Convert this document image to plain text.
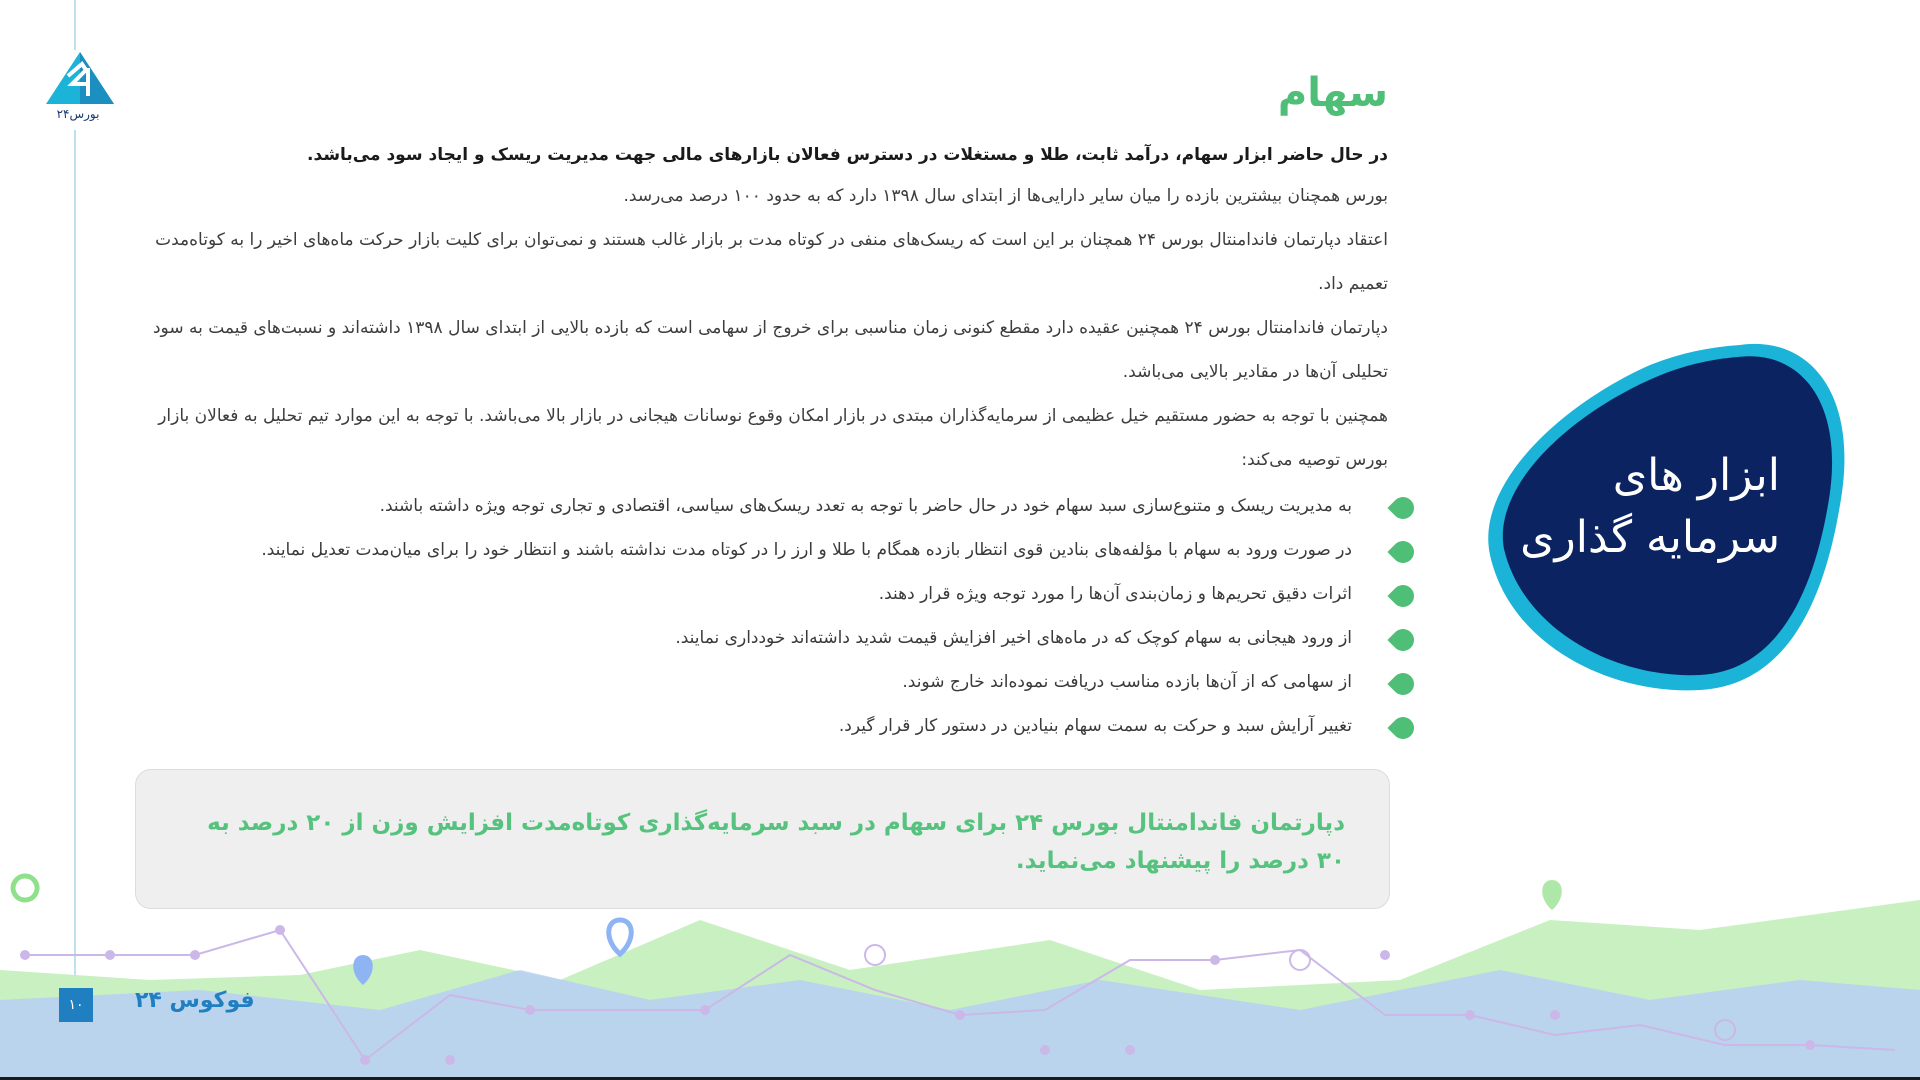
بورس۲۴	سهام
در حال حاضر ابزار سهام، درآمد ثابت، طلا و مستغلات در دسترس فعالان بازارهای مالی جهت مدیریت ریسک و ایجاد سود می‌باشد.
بورس همچنان بیشترین بازده را میان سایر دارایی‌ها از ابتدای سال ۱۳۹۸ دارد که به حدود ۱۰۰ درصد می‌رسد.
اعتقاد دپارتمان فاندامنتال بورس ۲۴ همچنان بر این است که ریسک‌های منفی در کوتاه مدت بر بازار غالب هستند و نمی‌توان برای کلیت بازار حرکت ماه‌های اخیر را به کوتاه‌مدت تعمیم داد.
دپارتمان فاندامنتال بورس ۲۴ همچنین عقیده دارد مقطع کنونی زمان مناسبی برای خروج از سهامی است که بازده بالایی از ابتدای سال ۱۳۹۸ داشته‌اند و نسبت‌های قیمت به سود تحلیلی آن‌ها در مقادیر بالایی می‌باشد.
همچنین با توجه به حضور مستقیم خیل عظیمی از سرمایه‌گذاران مبتدی در بازار امکان وقوع نوسانات هیجانی در بازار بالا می‌باشد. با توجه به این موارد تیم تحلیل به فعالان بازار بورس توصیه می‌کند:
به مدیریت ریسک و متنوع‌سازی سبد سهام خود در حال حاضر با توجه به تعدد ریسک‌های سیاسی، اقتصادی و تجاری توجه ویژه داشته باشند.
در صورت ورود به سهام با مؤلفه‌های بنادین قوی انتظار بازده همگام با طلا و ارز را در کوتاه مدت نداشته باشند و انتظار خود را برای میان‌مدت تعدیل نمایند.
اثرات دقیق تحریم‌ها و زمان‌بندی آن‌ها را مورد توجه ویژه قرار دهند.
از ورود هیجانی به سهام کوچک که در ماه‌های اخیر افزایش قیمت شدید داشته‌اند خودداری نمایند.
از سهامی که از آن‌ها بازده مناسب دریافت نموده‌اند خارج شوند.
تغییر آرایش سبد و حرکت به سمت سهام بنیادین در دستور کار قرار گیرد.
دپارتمان فاندامنتال بورس ۲۴ برای سهام در سبد سرمایه‌گذاری کوتاه‌مدت افزایش وزن از ۲۰ درصد به ۳۰ درصد را پیشنهاد می‌نماید.
ابزار های
سرمایه گذاری
۱۰	فوکوس ۲۴
